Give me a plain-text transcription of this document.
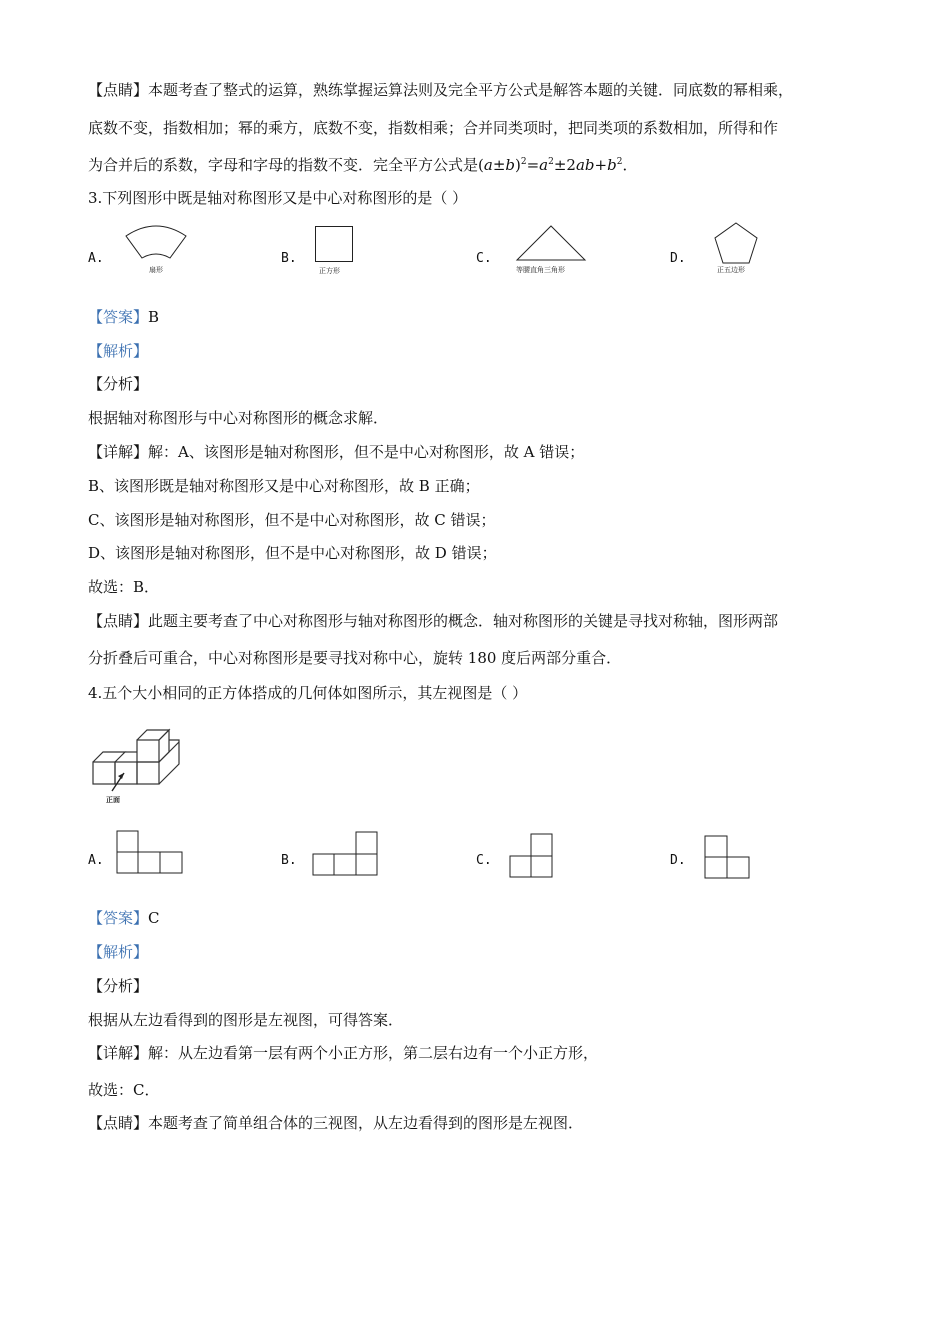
【点睛】本题考查了整式的运算，熟练掌握运算法则及完全平方公式是解答本题的关键．同底数的幂相乘，
底数不变，指数相加；幂的乘方，底数不变，指数相乘；合并同类项时，把同类项的系数相加，所得和作
为合并后的系数，字母和字母的指数不变．完全平方公式是$(a\pm b)^2=a^2\pm 2ab+b^2$．
3.下列图形中既是轴对称图形又是中心对称图形的是（ ）
A.
扇形
B.
正方形
C.
等腰直角三角形
D.
正五边形
【答案】B
【解析】
【分析】
根据轴对称图形与中心对称图形的概念求解．
【详解】解：A、该图形是轴对称图形，但不是中心对称图形，故 A 错误；
B、该图形既是轴对称图形又是中心对称图形，故 B 正确；
C、该图形是轴对称图形，但不是中心对称图形，故 C 错误；
D、该图形是轴对称图形，但不是中心对称图形，故 D 错误；
故选：B．
【点睛】此题主要考查了中心对称图形与轴对称图形的概念．轴对称图形的关键是寻找对称轴，图形两部
分折叠后可重合，中心对称图形是要寻找对称中心，旋转 180 度后两部分重合．
4.五个大小相同的正方体搭成的几何体如图所示，其左视图是（ ）
正面
A.	B.	C.	D.
【答案】C
【解析】
【分析】
根据从左边看得到的图形是左视图，可得答案．
【详解】解：从左边看第一层有两个小正方形，第二层右边有一个小正方形，
故选：C．
【点睛】本题考查了简单组合体的三视图，从左边看得到的图形是左视图．
